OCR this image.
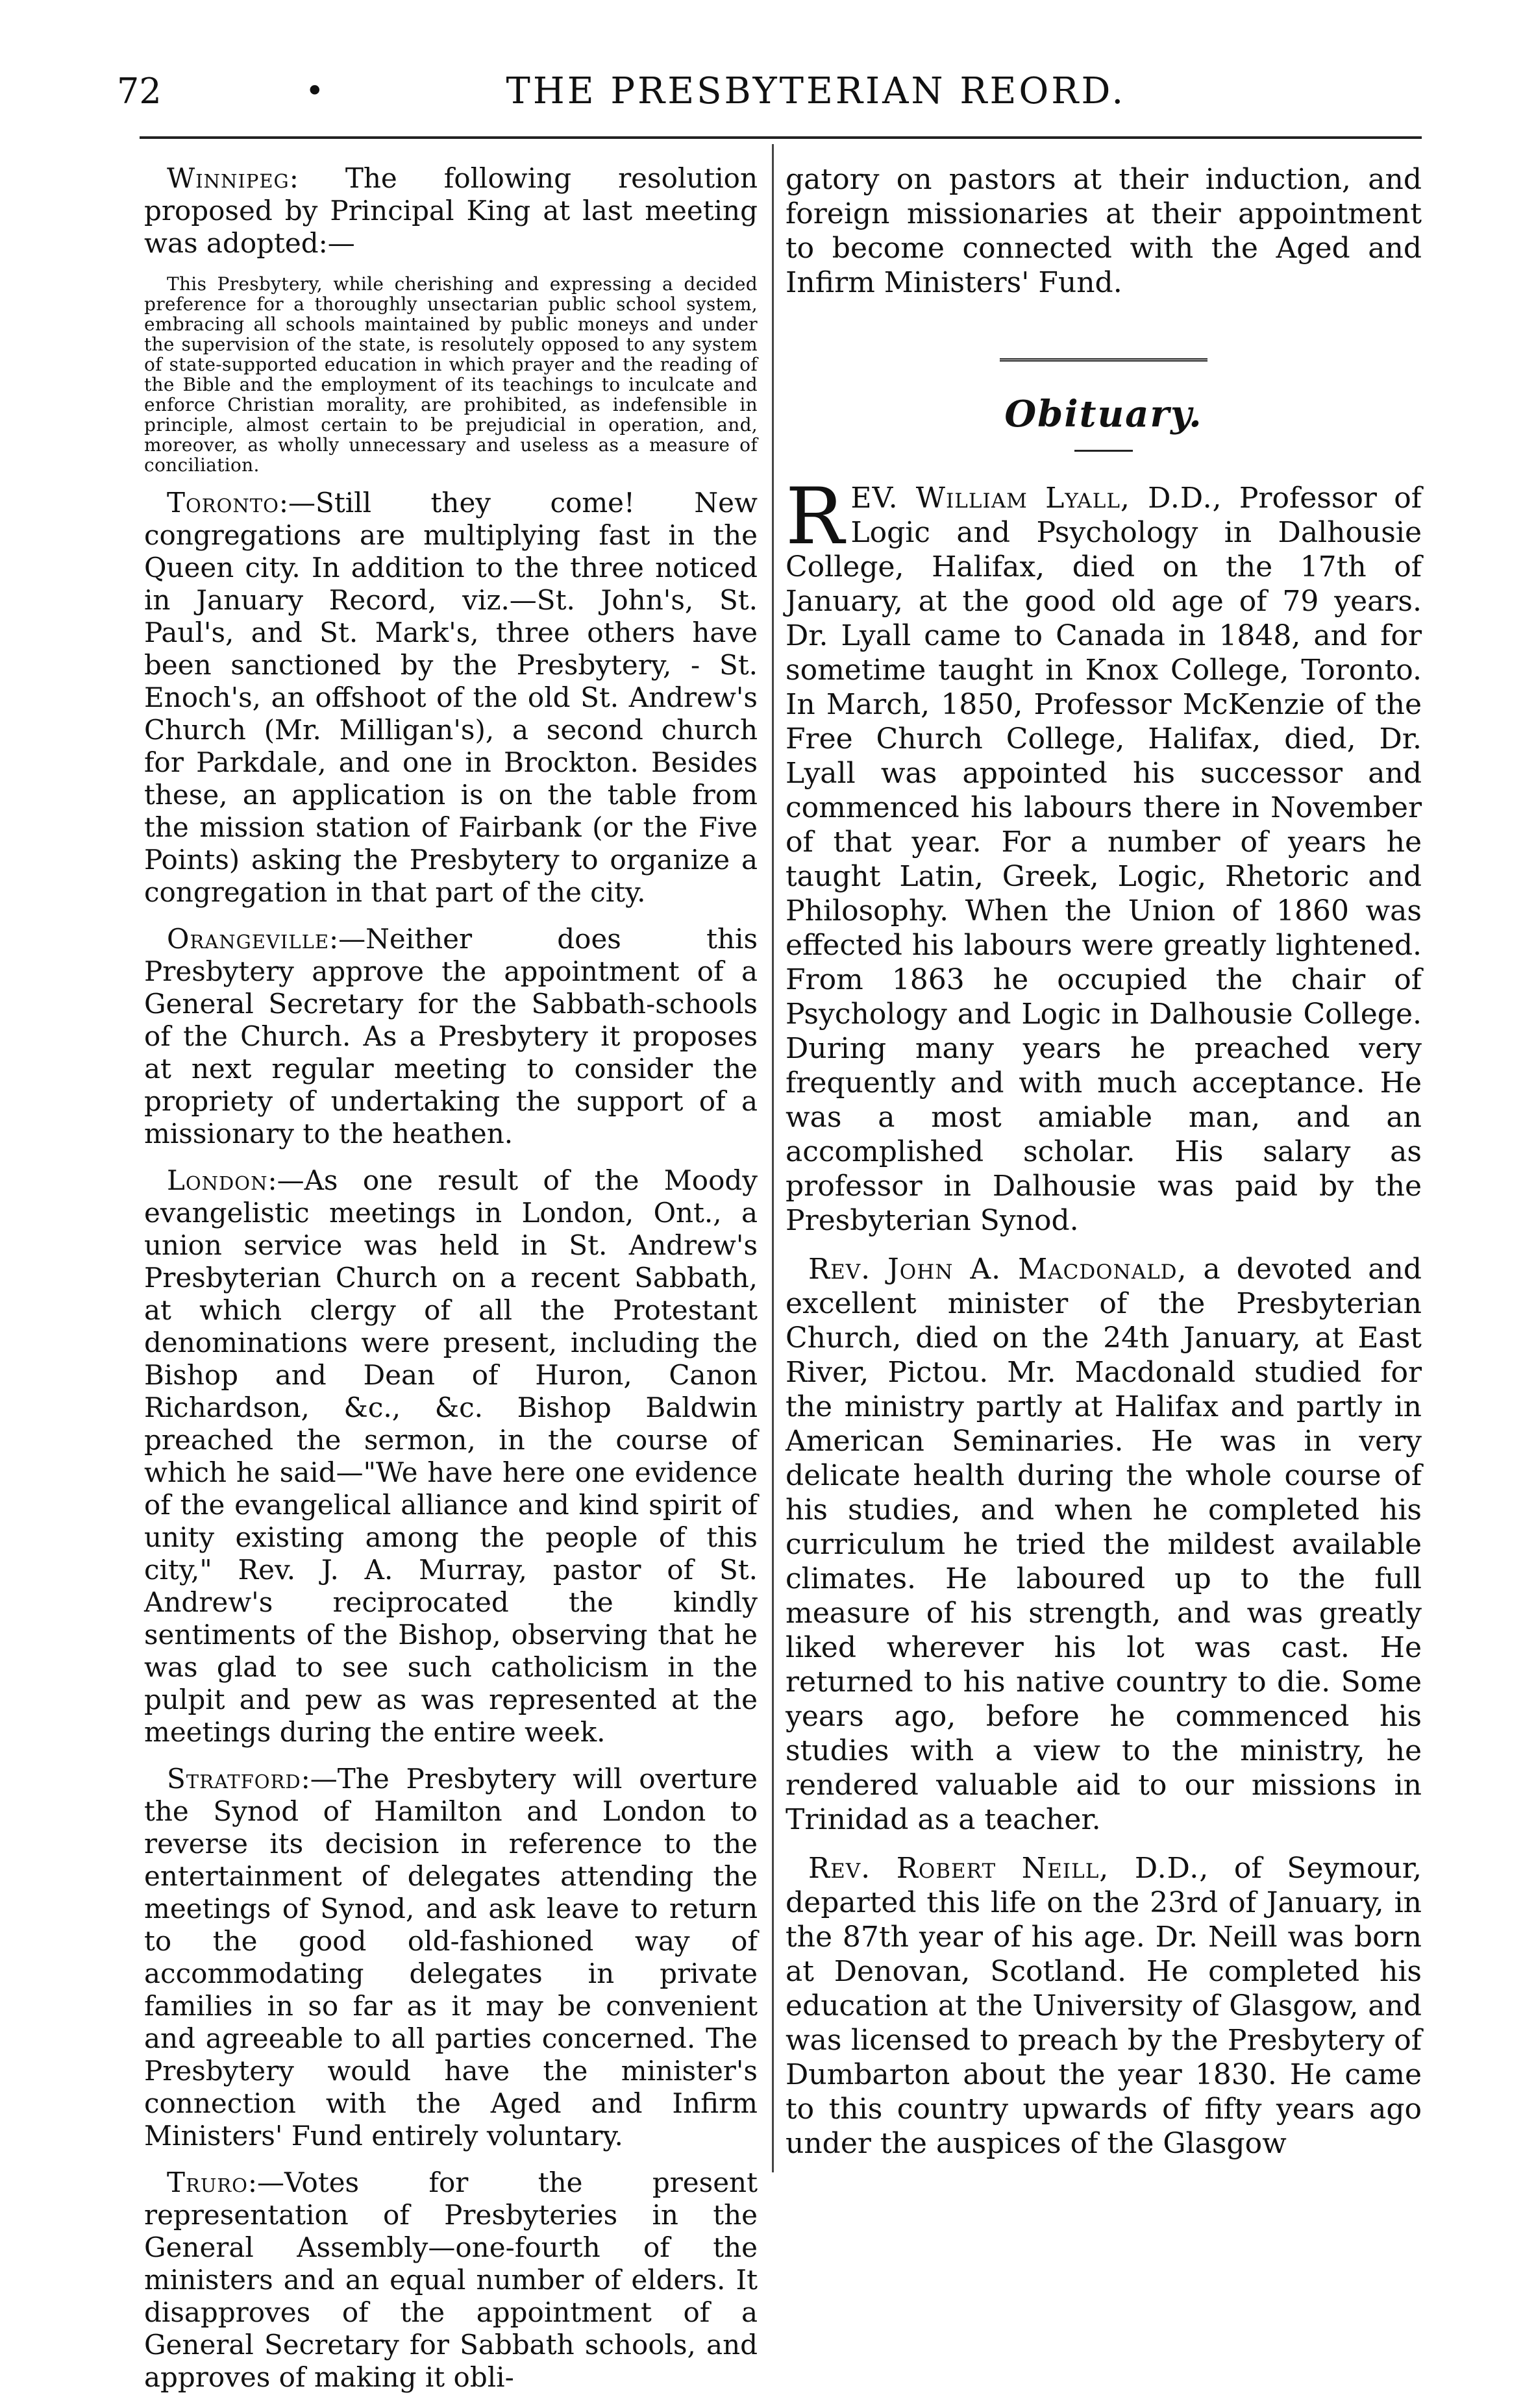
72	•	THE PRESBYTERIAN REORD.

Winnipeg: The following resolution proposed by Principal King at last meeting was adopted:—

This Presbytery, while cherishing and expressing a decided preference for a thoroughly unsectarian public school system, embracing all schools maintained by public moneys and under the supervision of the state, is resolutely opposed to any system of state-supported education in which prayer and the reading of the Bible and the employment of its teachings to inculcate and enforce Christian morality, are prohibited, as indefensible in principle, almost certain to be prejudicial in operation, and, moreover, as wholly unnecessary and useless as a measure of conciliation.

Toronto:—Still they come! New congregations are multiplying fast in the Queen city. In addition to the three noticed in January Record, viz.—St. John's, St. Paul's, and St. Mark's, three others have been sanctioned by the Presbytery, - St. Enoch's, an offshoot of the old St. Andrew's Church (Mr. Milligan's), a second church for Parkdale, and one in Brockton. Besides these, an application is on the table from the mission station of Fairbank (or the Five Points) asking the Presbytery to organize a congregation in that part of the city.

Orangeville:—Neither does this Presbytery approve the appointment of a General Secretary for the Sabbath-schools of the Church. As a Presbytery it proposes at next regular meeting to consider the propriety of undertaking the support of a missionary to the heathen.

London:—As one result of the Moody evangelistic meetings in London, Ont., a union service was held in St. Andrew's Presbyterian Church on a recent Sabbath, at which clergy of all the Protestant denominations were present, including the Bishop and Dean of Huron, Canon Richardson, &c., &c. Bishop Baldwin preached the sermon, in the course of which he said—"We have here one evidence of the evangelical alliance and kind spirit of unity existing among the people of this city," Rev. J. A. Murray, pastor of St. Andrew's reciprocated the kindly sentiments of the Bishop, observing that he was glad to see such catholicism in the pulpit and pew as was represented at the meetings during the entire week.

Stratford:—The Presbytery will overture the Synod of Hamilton and London to reverse its decision in reference to the entertainment of delegates attending the meetings of Synod, and ask leave to return to the good old-fashioned way of accommodating delegates in private families in so far as it may be convenient and agreeable to all parties concerned. The Presbytery would have the minister's connection with the Aged and Infirm Ministers' Fund entirely voluntary.

Truro:—Votes for the present representation of Presbyteries in the General Assembly—one-fourth of the ministers and an equal number of elders. It disapproves of the appointment of a General Secretary for Sabbath schools, and approves of making it obli-

gatory on pastors at their induction, and foreign missionaries at their appointment to become connected with the Aged and Infirm Ministers' Fund.

Obituary.

REV. William Lyall, D.D., Professor of Logic and Psychology in Dalhousie College, Halifax, died on the 17th of January, at the good old age of 79 years. Dr. Lyall came to Canada in 1848, and for sometime taught in Knox College, Toronto. In March, 1850, Professor McKenzie of the Free Church College, Halifax, died, Dr. Lyall was appointed his successor and commenced his labours there in November of that year. For a number of years he taught Latin, Greek, Logic, Rhetoric and Philosophy. When the Union of 1860 was effected his labours were greatly lightened. From 1863 he occupied the chair of Psychology and Logic in Dalhousie College. During many years he preached very frequently and with much acceptance. He was a most amiable man, and an accomplished scholar. His salary as professor in Dalhousie was paid by the Presbyterian Synod.

Rev. John A. Macdonald, a devoted and excellent minister of the Presbyterian Church, died on the 24th January, at East River, Pictou. Mr. Macdonald studied for the ministry partly at Halifax and partly in American Seminaries. He was in very delicate health during the whole course of his studies, and when he completed his curriculum he tried the mildest available climates. He laboured up to the full measure of his strength, and was greatly liked wherever his lot was cast. He returned to his native country to die. Some years ago, before he commenced his studies with a view to the ministry, he rendered valuable aid to our missions in Trinidad as a teacher.

Rev. Robert Neill, D.D., of Seymour, departed this life on the 23rd of January, in the 87th year of his age. Dr. Neill was born at Denovan, Scotland. He completed his education at the University of Glasgow, and was licensed to preach by the Presbytery of Dumbarton about the year 1830. He came to this country upwards of fifty years ago under the auspices of the Glasgow
